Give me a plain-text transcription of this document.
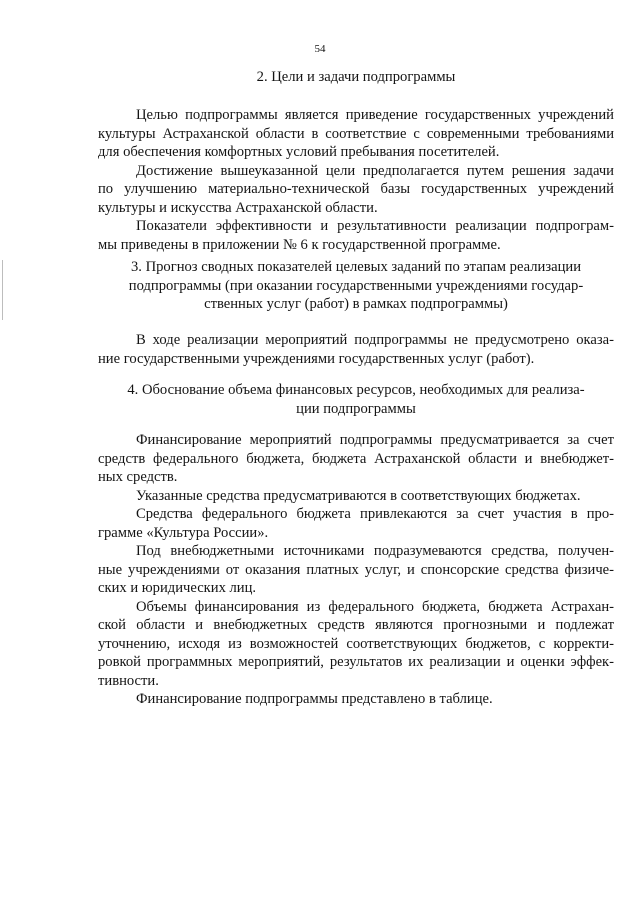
54
2. Цели и задачи подпрограммы
Целью подпрограммы является приведение государственных учреждений
культуры Астраханской области в соответствие с современными требованиями
для обеспечения комфортных условий пребывания посетителей.
Достижение вышеуказанной цели предполагается путем решения задачи
по улучшению материально-технической базы государственных учреждений
культуры и искусства Астраханской области.
Показатели эффективности и результативности реализации подпрограм-
мы приведены в приложении № 6 к государственной программе.
3. Прогноз сводных показателей целевых заданий по этапам реализации
подпрограммы (при оказании государственными учреждениями государ-
ственных услуг (работ) в рамках подпрограммы)
В ходе реализации мероприятий подпрограммы не предусмотрено оказа-
ние государственными учреждениями государственных услуг (работ).
4. Обоснование объема финансовых ресурсов, необходимых для реализа-
ции подпрограммы
Финансирование мероприятий подпрограммы предусматривается за счет
средств федерального бюджета, бюджета Астраханской области и внебюджет-
ных средств.
Указанные средства предусматриваются в соответствующих бюджетах.
Средства федерального бюджета привлекаются за счет участия в про-
грамме «Культура России».
Под внебюджетными источниками подразумеваются средства, получен-
ные учреждениями от оказания платных услуг, и спонсорские средства физиче-
ских и юридических лиц.
Объемы финансирования из федерального бюджета, бюджета Астрахан-
ской области и внебюджетных средств являются прогнозными и подлежат
уточнению, исходя из возможностей соответствующих бюджетов, с корректи-
ровкой программных мероприятий, результатов их реализации и оценки эффек-
тивности.
Финансирование подпрограммы представлено в таблице.
